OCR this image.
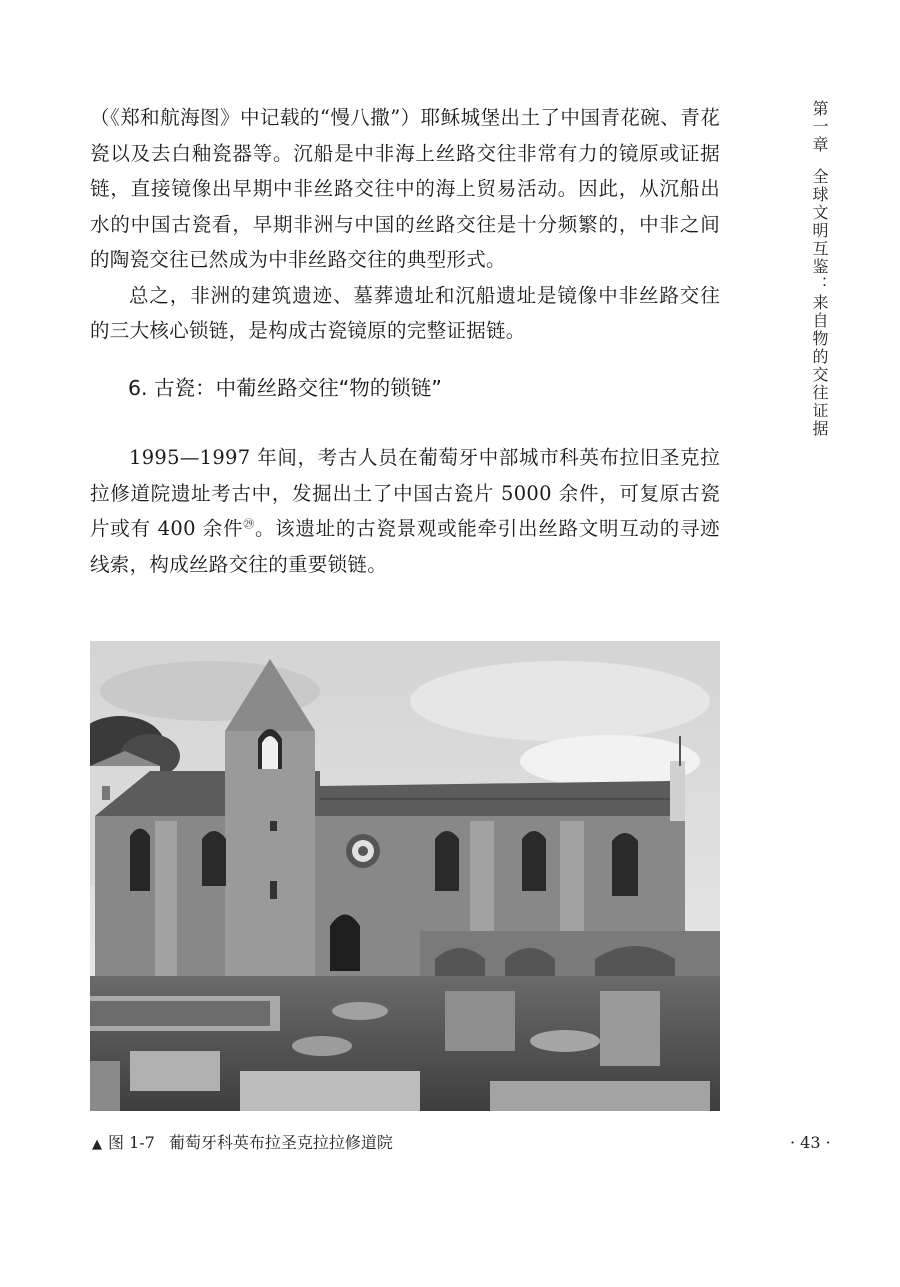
第一章全球文明互鉴：来自物的交往证据

（《郑和航海图》中记载的“慢八撒”）耶稣城堡出土了中国青花碗、青花瓷以及去白釉瓷器等。沉船是中非海上丝路交往非常有力的镜原或证据链，直接镜像出早期中非丝路交往中的海上贸易活动。因此，从沉船出水的中国古瓷看，早期非洲与中国的丝路交往是十分频繁的，中非之间的陶瓷交往已然成为中非丝路交往的典型形式。

总之，非洲的建筑遗迹、墓葬遗址和沉船遗址是镜像中非丝路交往的三大核心锁链，是构成古瓷镜原的完整证据链。

6. 古瓷：中葡丝路交往“物的锁链”

1995—1997 年间，考古人员在葡萄牙中部城市科英布拉旧圣克拉拉修道院遗址考古中，发掘出土了中国古瓷片 5000 余件，可复原古瓷片或有 400 余件$^㉙$。该遗址的古瓷景观或能牵引出丝路文明互动的寻迹线索，构成丝路交往的重要锁链。

▲ 图 1-7 葡萄牙科英布拉圣克拉拉修道院	· 43 ·
